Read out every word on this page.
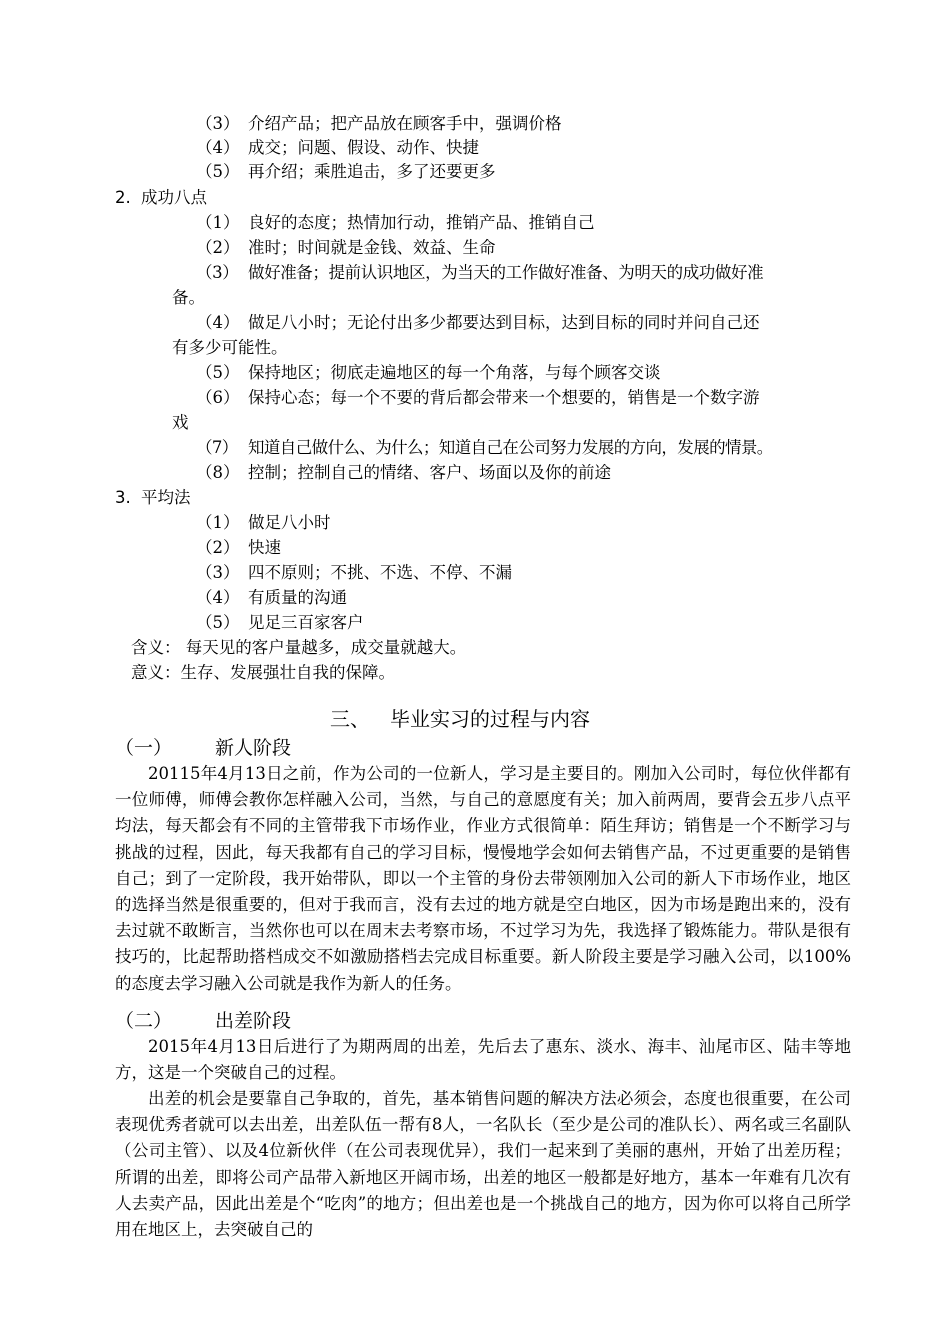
（3） 介绍产品；把产品放在顾客手中，强调价格
（4） 成交；问题、假设、动作、快捷
（5） 再介绍；乘胜追击，多了还要更多
2. 成功八点
（1） 良好的态度；热情加行动，推销产品、推销自己
（2） 准时；时间就是金钱、效益、生命
（3） 做好准备；提前认识地区，为当天的工作做好准备、为明天的成功做好准
备。
（4） 做足八小时；无论付出多少都要达到目标，达到目标的同时并问自己还
有多少可能性。
（5） 保持地区；彻底走遍地区的每一个角落，与每个顾客交谈
（6） 保持心态；每一个不要的背后都会带来一个想要的，销售是一个数字游
戏
（7） 知道自己做什么、为什么；知道自己在公司努力发展的方向，发展的情景。
（8） 控制；控制自己的情绪、客户、场面以及你的前途
3. 平均法
（1） 做足八小时
（2） 快速
（3） 四不原则；不挑、不选、不停、不漏
（4） 有质量的沟通
（5） 见足三百家客户
含义： 每天见的客户量越多，成交量就越大。
意义：生存、发展强壮自我的保障。
三、 毕业实习的过程与内容
（一） 新人阶段
20115年4月13日之前，作为公司的一位新人，学习是主要目的。刚加入公司时，每位伙伴都有一位师傅，师傅会教你怎样融入公司，当然，与自己的意愿度有关；加入前两周，要背会五步八点平均法，每天都会有不同的主管带我下市场作业，作业方式很简单：陌生拜访；销售是一个不断学习与挑战的过程，因此，每天我都有自己的学习目标，慢慢地学会如何去销售产品，不过更重要的是销售自己；到了一定阶段，我开始带队，即以一个主管的身份去带领刚加入公司的新人下市场作业，地区的选择当然是很重要的，但对于我而言，没有去过的地方就是空白地区，因为市场是跑出来的，没有去过就不敢断言，当然你也可以在周末去考察市场，不过学习为先，我选择了锻炼能力。带队是很有技巧的，比起帮助搭档成交不如激励搭档去完成目标重要。新人阶段主要是学习融入公司，以100%的态度去学习融入公司就是我作为新人的任务。
（二） 出差阶段
2015年4月13日后进行了为期两周的出差，先后去了惠东、淡水、海丰、汕尾市区、陆丰等地方，这是一个突破自己的过程。
出差的机会是要靠自己争取的，首先，基本销售问题的解决方法必须会，态度也很重要，在公司表现优秀者就可以去出差，出差队伍一帮有8人，一名队长（至少是公司的准队长）、两名或三名副队（公司主管）、以及4位新伙伴（在公司表现优异），我们一起来到了美丽的惠州，开始了出差历程；所谓的出差，即将公司产品带入新地区开阔市场，出差的地区一般都是好地方，基本一年难有几次有人去卖产品，因此出差是个“吃肉”的地方；但出差也是一个挑战自己的地方，因为你可以将自己所学用在地区上，去突破自己的
